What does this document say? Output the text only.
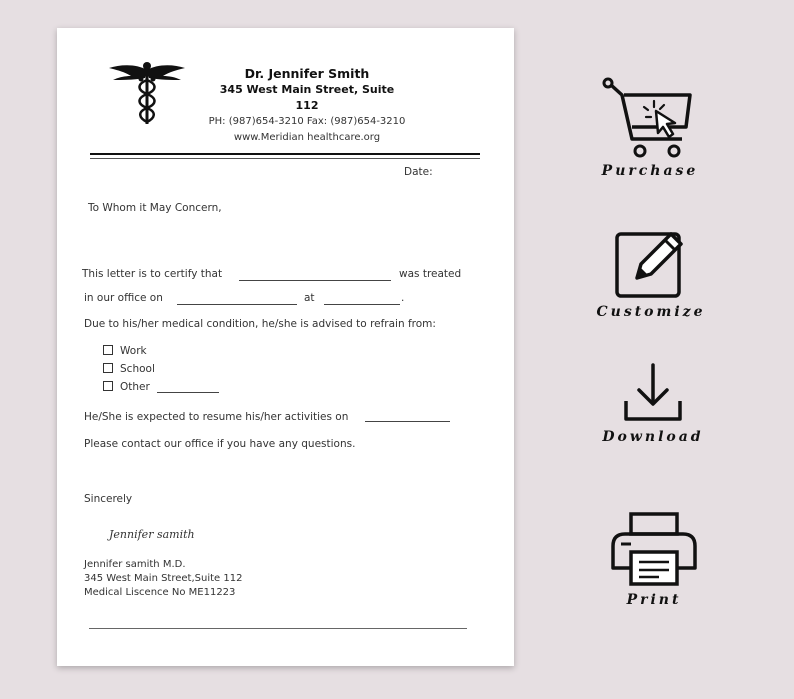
Dr. Jennifer Smith
345 West Main Street, Suite 112
PH: (987)654-3210 Fax: (987)654-3210
www.Meridian healthcare.org
Date:
To Whom it May Concern,
This letter is to certify that	was treated
in our office on	at	.
Due to his/her medical condition, he/she is advised to refrain from:
Work
School
Other
He/She is expected to resume his/her activities on
Please contact our office if you have any questions.
Sincerely
Jennifer samith
Jennifer samith M.D.
345 West Main Street,Suite 112
Medical Liscence No ME11223
Purchase
Customize
Download
Print
